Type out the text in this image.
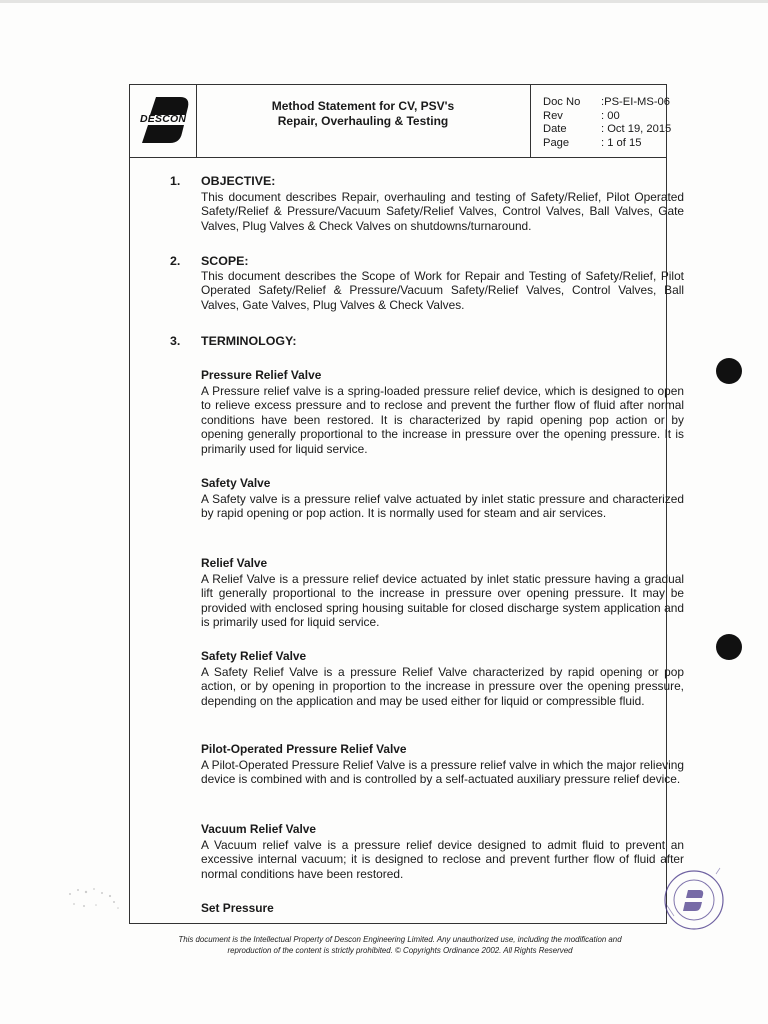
DESCON
Method Statement for CV, PSV's
Repair, Overhauling & Testing
Doc No	:PS-EI-MS-06
Rev	: 00
Date	: Oct 19, 2015
Page	: 1 of 15
1. OBJECTIVE:

This document describes Repair, overhauling and testing of Safety/Relief, Pilot Operated Safety/Relief & Pressure/Vacuum Safety/Relief Valves, Control Valves, Ball Valves, Gate Valves, Plug Valves & Check Valves on shutdowns/turnaround.

2. SCOPE:

This document describes the Scope of Work for Repair and Testing of Safety/Relief, Pilot Operated Safety/Relief & Pressure/Vacuum Safety/Relief Valves, Control Valves, Ball Valves, Gate Valves, Plug Valves & Check Valves.

3. TERMINOLOGY:
Pressure Relief Valve

A Pressure relief valve is a spring-loaded pressure relief device, which is designed to open to relieve excess pressure and to reclose and prevent the further flow of fluid after normal conditions have been restored. It is characterized by rapid opening pop action or by opening generally proportional to the increase in pressure over the opening pressure. It is primarily used for liquid service.

Safety Valve

A Safety valve is a pressure relief valve actuated by inlet static pressure and characterized by rapid opening or pop action. It is normally used for steam and air services.

Relief Valve

A Relief Valve is a pressure relief device actuated by inlet static pressure having a gradual lift generally proportional to the increase in pressure over opening pressure. It may be provided with enclosed spring housing suitable for closed discharge system application and is primarily used for liquid service.

Safety Relief Valve

A Safety Relief Valve is a pressure Relief Valve characterized by rapid opening or pop action, or by opening in proportion to the increase in pressure over the opening pressure, depending on the application and may be used either for liquid or compressible fluid.

Pilot-Operated Pressure Relief Valve

A Pilot-Operated Pressure Relief Valve is a pressure relief valve in which the major relieving device is combined with and is controlled by a self-actuated auxiliary pressure relief device.

Vacuum Relief Valve

A Vacuum relief valve is a pressure relief device designed to admit fluid to prevent an excessive internal vacuum; it is designed to reclose and prevent further flow of fluid after normal conditions have been restored.

Set Pressure
This document is the Intellectual Property of Descon Engineering Limited. Any unauthorized use, including the modification and
reproduction of the content is strictly prohibited. © Copyrights Ordinance 2002. All Rights Reserved
